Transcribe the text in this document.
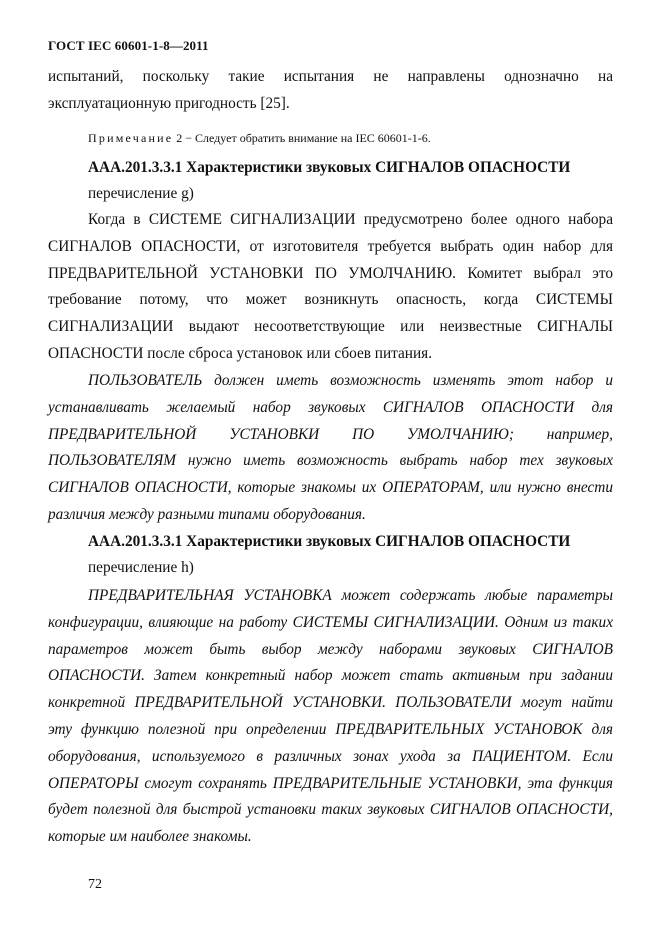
ГОСТ IEC 60601-1-8—2011
испытаний, поскольку такие испытания не направлены однозначно на эксплуатационную пригодность [25].
Примечание 2 − Следует обратить внимание на IEC 60601-1-6.
AAA.201.3.3.1 Характеристики звуковых СИГНАЛОВ ОПАСНОСТИ
перечисление g)
Когда в СИСТЕМЕ СИГНАЛИЗАЦИИ предусмотрено более одного набора СИГНАЛОВ ОПАСНОСТИ, от изготовителя требуется выбрать один набор для ПРЕДВАРИТЕЛЬНОЙ УСТАНОВКИ ПО УМОЛЧАНИЮ. Комитет выбрал это требование потому, что может возникнуть опасность, когда СИСТЕМЫ СИГНАЛИЗАЦИИ выдают несоответствующие или неизвестные СИГНАЛЫ ОПАСНОСТИ после сброса установок или сбоев питания.
ПОЛЬЗОВАТЕЛЬ должен иметь возможность изменять этот набор и устанавливать желаемый набор звуковых СИГНАЛОВ ОПАСНОСТИ для ПРЕДВАРИТЕЛЬНОЙ УСТАНОВКИ ПО УМОЛЧАНИЮ; например, ПОЛЬЗОВАТЕЛЯМ нужно иметь возможность выбрать набор тех звуковых СИГНАЛОВ ОПАСНОСТИ, которые знакомы их ОПЕРАТОРАМ, или нужно внести различия между разными типами оборудования.
AAA.201.3.3.1 Характеристики звуковых СИГНАЛОВ ОПАСНОСТИ
перечисление h)
ПРЕДВАРИТЕЛЬНАЯ УСТАНОВКА может содержать любые параметры конфигурации, влияющие на работу СИСТЕМЫ СИГНАЛИЗАЦИИ. Одним из таких параметров может быть выбор между наборами звуковых СИГНАЛОВ ОПАСНОСТИ. Затем конкретный набор может стать активным при задании конкретной ПРЕДВАРИТЕЛЬНОЙ УСТАНОВКИ. ПОЛЬЗОВАТЕЛИ могут найти эту функцию полезной при определении ПРЕДВАРИТЕЛЬНЫХ УСТАНОВОК для оборудования, используемого в различных зонах ухода за ПАЦИЕНТОМ. Если ОПЕРАТОРЫ смогут сохранять ПРЕДВАРИТЕЛЬНЫЕ УСТАНОВКИ, эта функция будет полезной для быстрой установки таких звуковых СИГНАЛОВ ОПАСНОСТИ, которые им наиболее знакомы.
72
